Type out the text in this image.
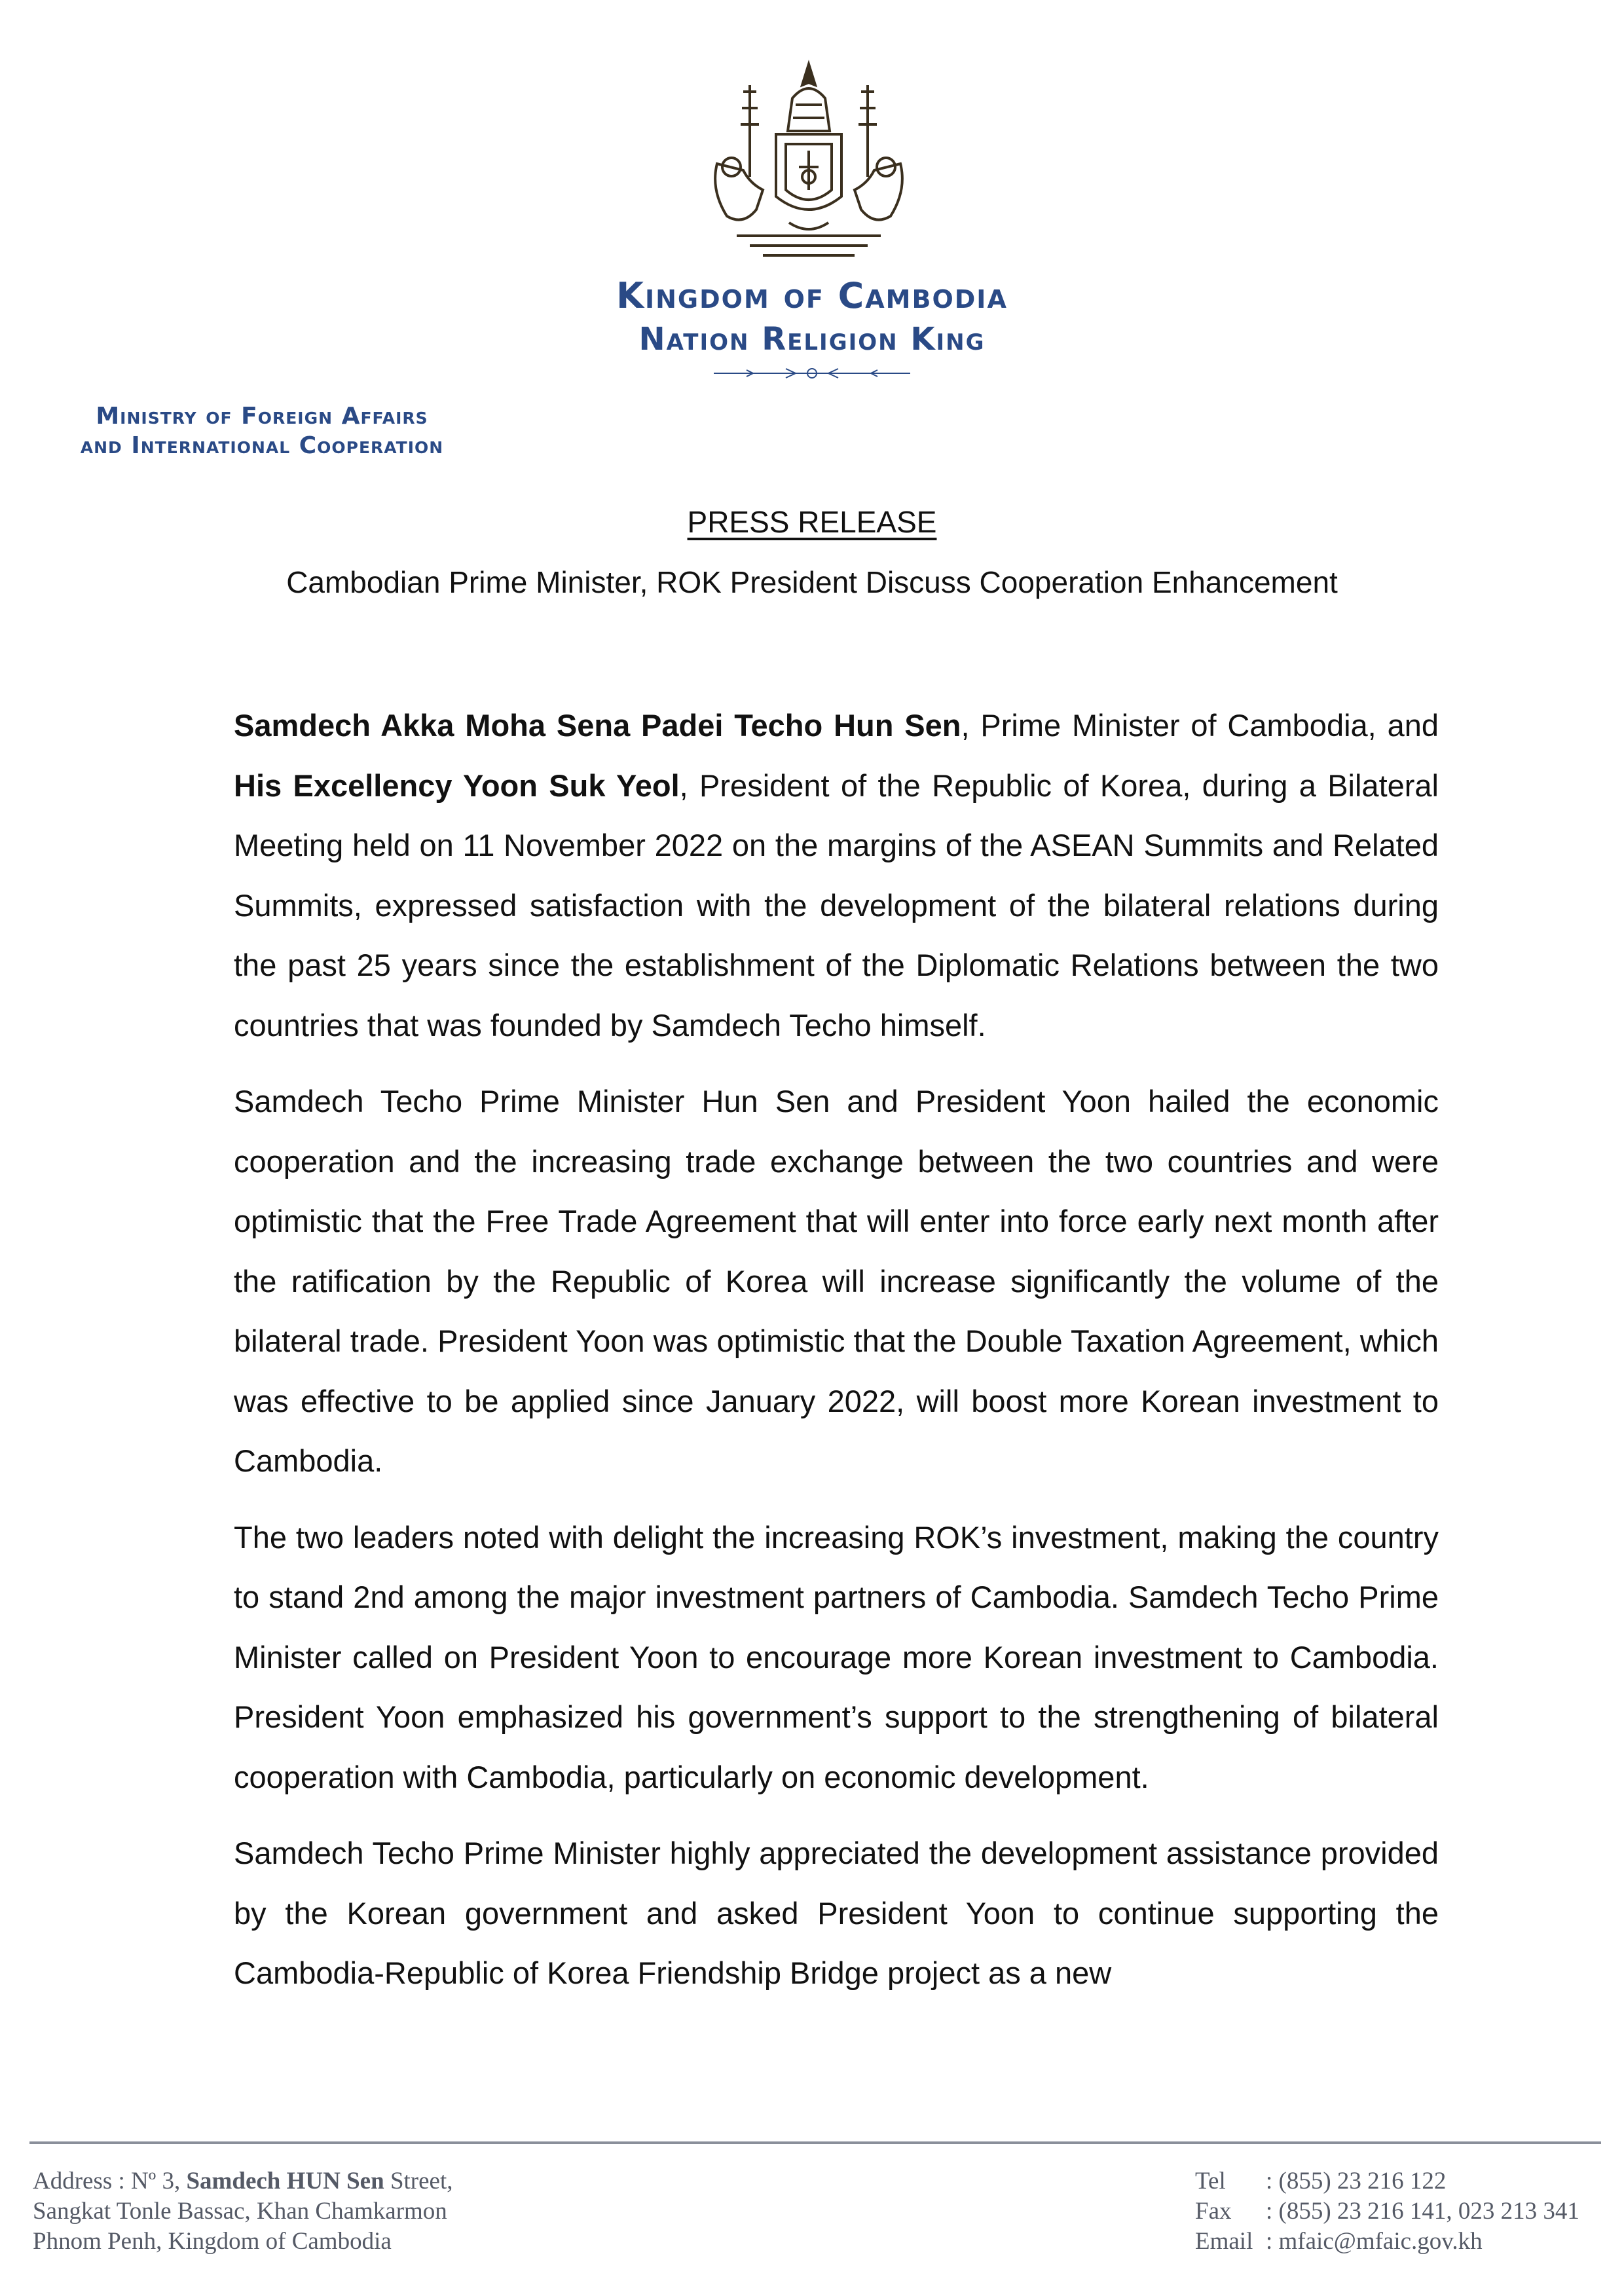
Kingdom of Cambodia
Nation Religion King
Ministry of Foreign Affairs
and International Cooperation
PRESS RELEASE
Cambodian Prime Minister, ROK President Discuss Cooperation Enhancement

Samdech Akka Moha Sena Padei Techo Hun Sen, Prime Minister of Cambodia, and His Excellency Yoon Suk Yeol, President of the Republic of Korea, during a Bilateral Meeting held on 11 November 2022 on the margins of the ASEAN Summits and Related Summits, expressed satisfaction with the development of the bilateral relations during the past 25 years since the establishment of the Diplomatic Relations between the two countries that was founded by Samdech Techo himself.

Samdech Techo Prime Minister Hun Sen and President Yoon hailed the economic cooperation and the increasing trade exchange between the two countries and were optimistic that the Free Trade Agreement that will enter into force early next month after the ratification by the Republic of Korea will increase significantly the volume of the bilateral trade. President Yoon was optimistic that the Double Taxation Agreement, which was effective to be applied since January 2022, will boost more Korean investment to Cambodia.

The two leaders noted with delight the increasing ROK’s investment, making the country to stand 2nd among the major investment partners of Cambodia. Samdech Techo Prime Minister called on President Yoon to encourage more Korean investment to Cambodia. President Yoon emphasized his government’s support to the strengthening of bilateral cooperation with Cambodia, particularly on economic development.

Samdech Techo Prime Minister highly appreciated the development assistance provided by the Korean government and asked President Yoon to continue supporting the Cambodia-Republic of Korea Friendship Bridge project as a new

Address : Nº 3, Samdech HUN Sen Street,
Sangkat Tonle Bassac, Khan Chamkarmon
Phnom Penh, Kingdom of Cambodia
Tel : (855) 23 216 122
Fax : (855) 23 216 141, 023 213 341
Email : mfaic@mfaic.gov.kh
